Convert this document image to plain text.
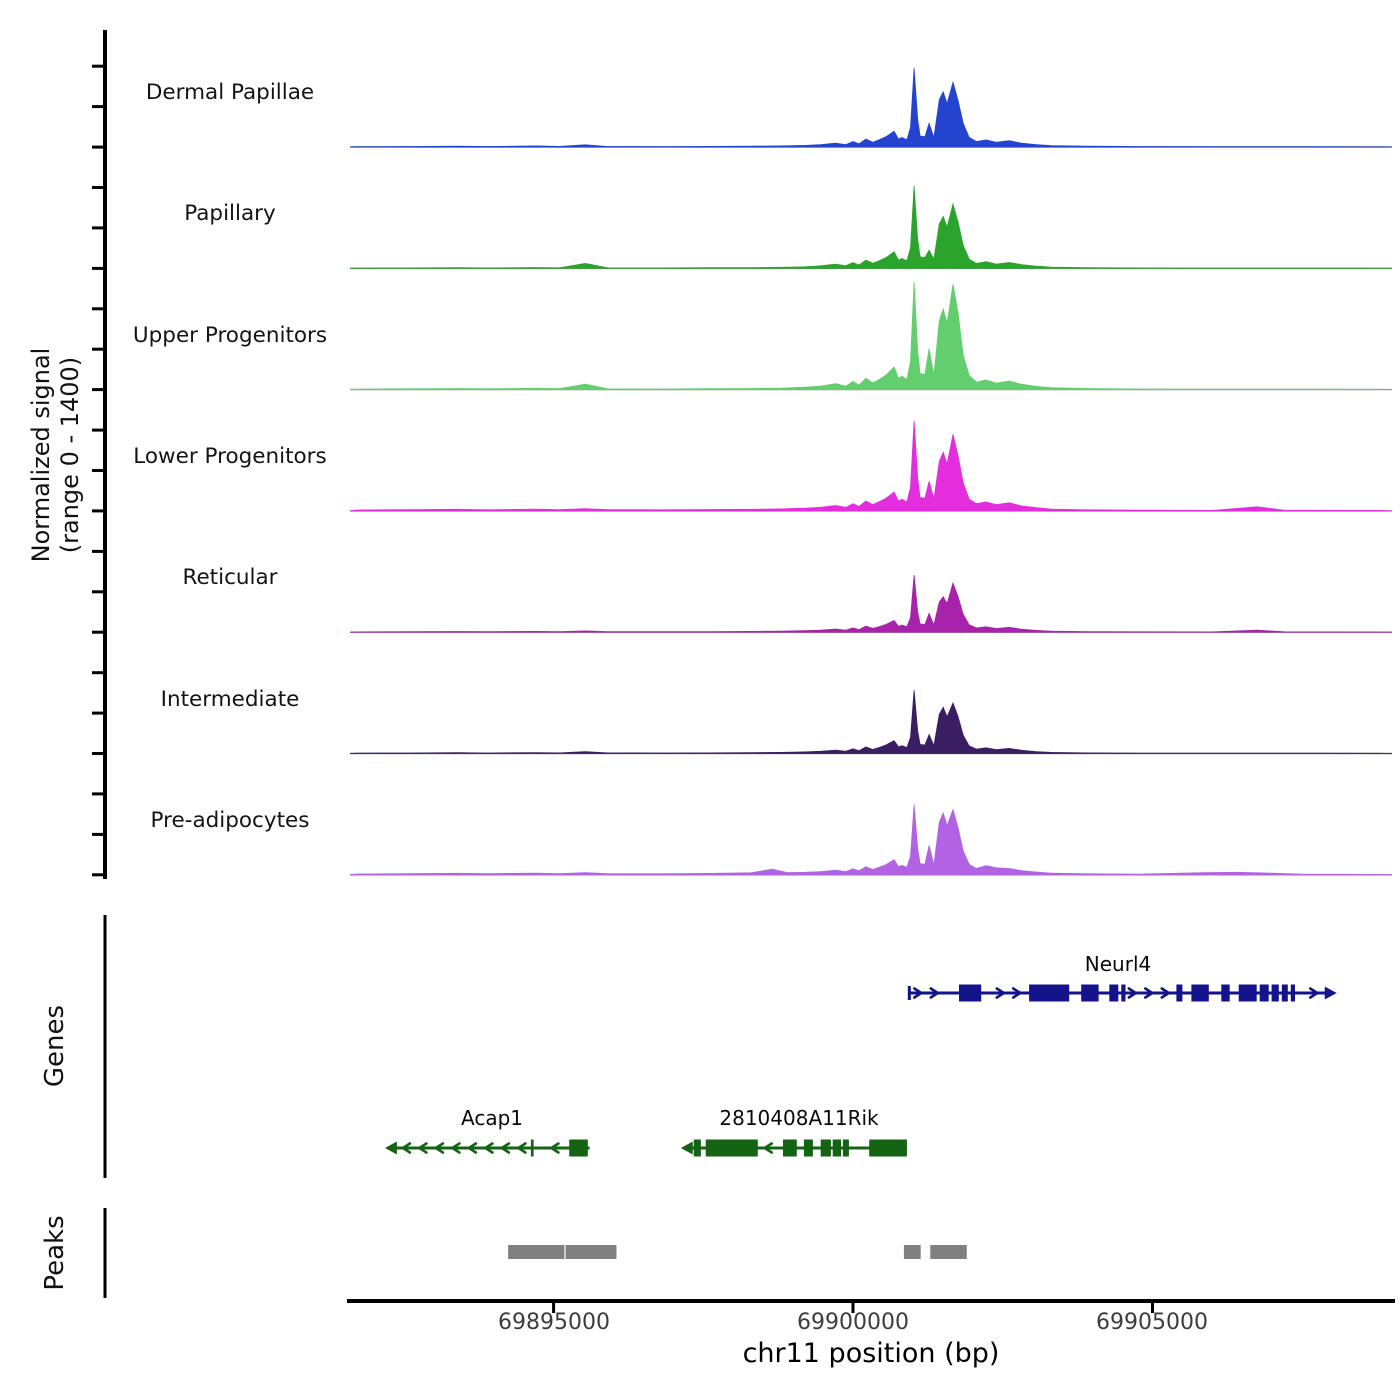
Normalized signal (range 0 - 1400)
Genes
Peaks
Dermal Papillae
Papillary
Upper Progenitors
Lower Progenitors
Reticular
Intermediate
Pre-adipocytes
Neurl4
Acap1	2810408A11Rik
69895000	69900000	69905000
chr11 position (bp)
